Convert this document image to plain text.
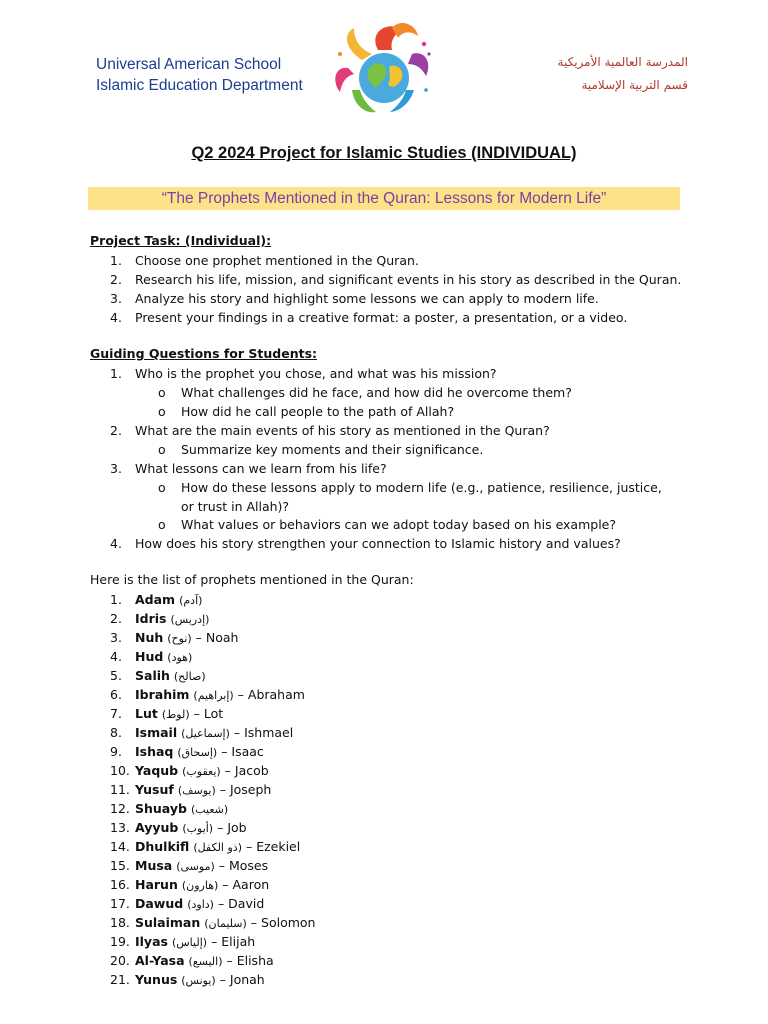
Universal American School
Islamic Education Department
المدرسة العالمية الأمريكية
قسم التربية الإسلامية
Q2 2024 Project for Islamic Studies (INDIVIDUAL)
“The Prophets Mentioned in the Quran: Lessons for Modern Life”
Project Task: (Individual):
1. Choose one prophet mentioned in the Quran.
2. Research his life, mission, and significant events in his story as described in the Quran.
3. Analyze his story and highlight some lessons we can apply to modern life.
4. Present your findings in a creative format: a poster, a presentation, or a video.
Guiding Questions for Students:
1. Who is the prophet you chose, and what was his mission?
o What challenges did he face, and how did he overcome them?
o How did he call people to the path of Allah?
2. What are the main events of his story as mentioned in the Quran?
o Summarize key moments and their significance.
3. What lessons can we learn from his life?
o How do these lessons apply to modern life (e.g., patience, resilience, justice, or trust in Allah)?
o What values or behaviors can we adopt today based on his example?
4. How does his story strengthen your connection to Islamic history and values?
Here is the list of prophets mentioned in the Quran:
1. Adam (آدم)
2. Idris (إدريس)
3. Nuh (نوح) – Noah
4. Hud (هود)
5. Salih (صالح)
6. Ibrahim (إبراهيم) – Abraham
7. Lut (لوط) – Lot
8. Ismail (إسماعيل) – Ishmael
9. Ishaq (إسحاق) – Isaac
10. Yaqub (يعقوب) – Jacob
11. Yusuf (يوسف) – Joseph
12. Shuayb (شعيب)
13. Ayyub (أيوب) – Job
14. Dhulkifl (ذو الكفل) – Ezekiel
15. Musa (موسى) – Moses
16. Harun (هارون) – Aaron
17. Dawud (داود) – David
18. Sulaiman (سليمان) – Solomon
19. Ilyas (إلياس) – Elijah
20. Al-Yasa (اليسع) – Elisha
21. Yunus (يونس) – Jonah
